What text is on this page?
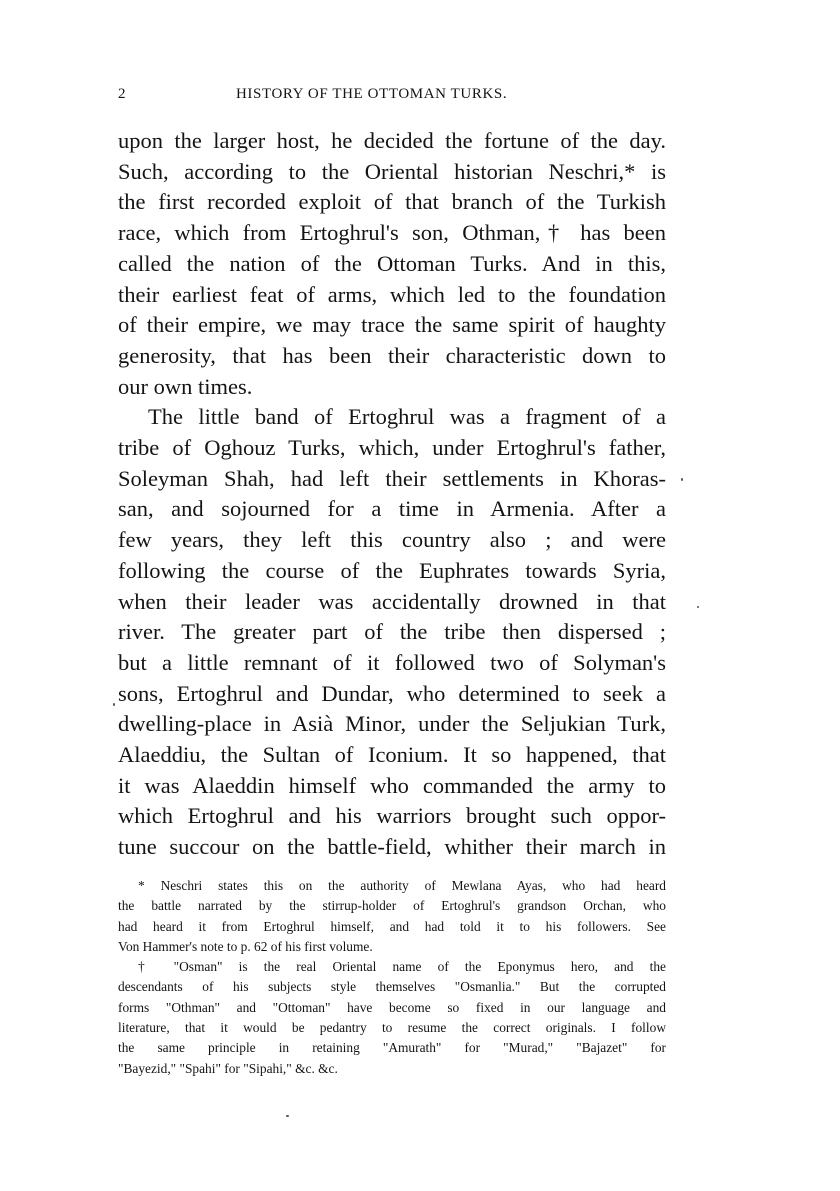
2	HISTORY OF THE OTTOMAN TURKS.
upon the larger host, he decided the fortune of the day.
Such, according to the Oriental historian Neschri,* is
the first recorded exploit of that branch of the Turkish
race, which from Ertoghrul's son, Othman,† has been
called the nation of the Ottoman Turks. And in this,
their earliest feat of arms, which led to the foundation
of their empire, we may trace the same spirit of haughty
generosity, that has been their characteristic down to
our own times.
The little band of Ertoghrul was a fragment of a
tribe of Oghouz Turks, which, under Ertoghrul's father,
Soleyman Shah, had left their settlements in Khoras-
san, and sojourned for a time in Armenia. After a
few years, they left this country also ; and were
following the course of the Euphrates towards Syria,
when their leader was accidentally drowned in that
river. The greater part of the tribe then dispersed ;
but a little remnant of it followed two of Solyman's
sons, Ertoghrul and Dundar, who determined to seek a
dwelling-place in Asià Minor, under the Seljukian Turk,
Alaeddiu, the Sultan of Iconium. It so happened, that
it was Alaeddin himself who commanded the army to
which Ertoghrul and his warriors brought such oppor-
tune succour on the battle-field, whither their march in
* Neschri states this on the authority of Mewlana Ayas, who had heard
the battle narrated by the stirrup-holder of Ertoghrul's grandson Orchan, who
had heard it from Ertoghrul himself, and had told it to his followers. See
Von Hammer's note to p. 62 of his first volume.
† "Osman" is the real Oriental name of the Eponymus hero, and the
descendants of his subjects style themselves "Osmanlia." But the corrupted
forms "Othman" and "Ottoman" have become so fixed in our language and
literature, that it would be pedantry to resume the correct originals. I follow
the same principle in retaining "Amurath" for "Murad," "Bajazet" for
"Bayezid," "Spahi" for "Sipahi," &c. &c.
